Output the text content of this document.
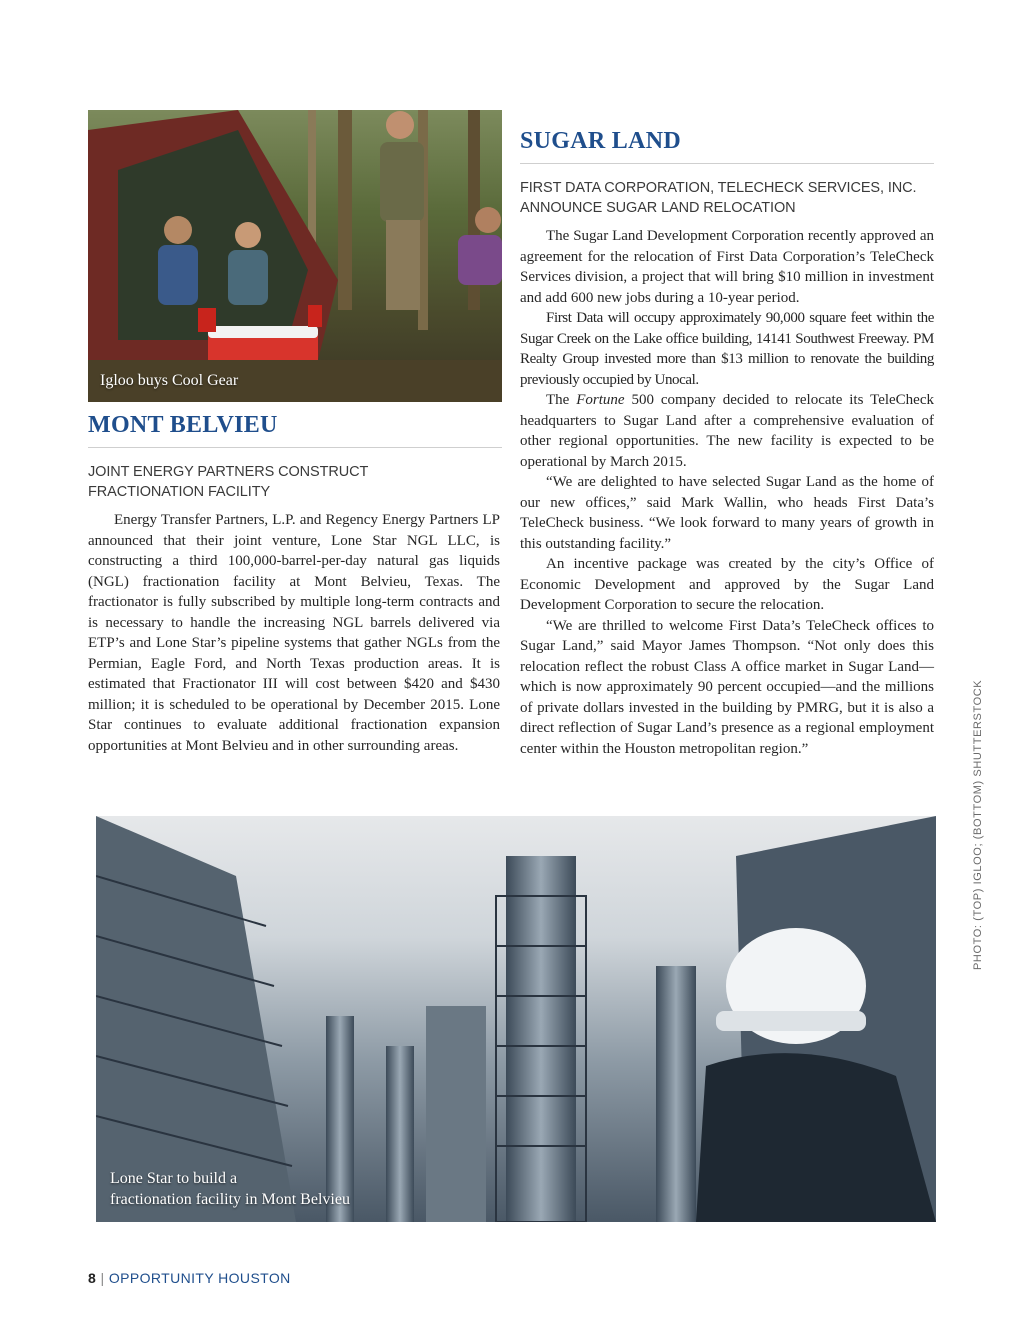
Igloo buys Cool Gear
MONT BELVIEU
JOINT ENERGY PARTNERS CONSTRUCT
FRACTIONATION FACILITY

Energy Transfer Partners, L.P. and Regency Energy Partners LP announced that their joint venture, Lone Star NGL LLC, is constructing a third 100,000-barrel-per-day natural gas liquids (NGL) fractionation facility at Mont Belvieu, Texas. The fractionator is fully subscribed by multiple long-term contracts and is necessary to handle the increasing NGL barrels delivered via ETP’s and Lone Star’s pipeline systems that gather NGLs from the Permian, Eagle Ford, and North Texas production areas. It is estimated that Fractionator III will cost between $420 and $430 million; it is scheduled to be operational by December 2015. Lone Star continues to evaluate additional fractionation expansion opportunities at Mont Belvieu and in other surrounding areas.

SUGAR LAND
FIRST DATA CORPORATION, TELECHECK SERVICES, INC.
ANNOUNCE SUGAR LAND RELOCATION

The Sugar Land Development Corporation recently approved an agreement for the relocation of First Data Corporation’s TeleCheck Services division, a project that will bring $10 million in investment and add 600 new jobs during a 10-year period.

First Data will occupy approximately 90,000 square feet within the Sugar Creek on the Lake office building, 14141 Southwest Freeway. PM Realty Group invested more than $13 million to renovate the building previously occupied by Unocal.

The Fortune 500 company decided to relocate its TeleCheck headquarters to Sugar Land after a comprehensive evaluation of other regional opportunities. The new facility is expected to be operational by March 2015.

“We are delighted to have selected Sugar Land as the home of our new offices,” said Mark Wallin, who heads First Data’s TeleCheck business. “We look forward to many years of growth in this outstanding facility.”

An incentive package was created by the city’s Office of Economic Development and approved by the Sugar Land Development Corporation to secure the relocation.

“We are thrilled to welcome First Data’s TeleCheck offices to Sugar Land,” said Mayor James Thompson. “Not only does this relocation reflect the robust Class A office market in Sugar Land—which is now approximately 90 percent occupied—and the millions of private dollars invested in the building by PMRG, but it is also a direct reflection of Sugar Land’s presence as a regional employment center within the Houston metropolitan region.”

Lone Star to build a
fractionation facility in Mont Belvieu
PHOTO: (TOP) IGLOO; (BOTTOM) SHUTTERSTOCK
8 | OPPORTUNITY HOUSTON
